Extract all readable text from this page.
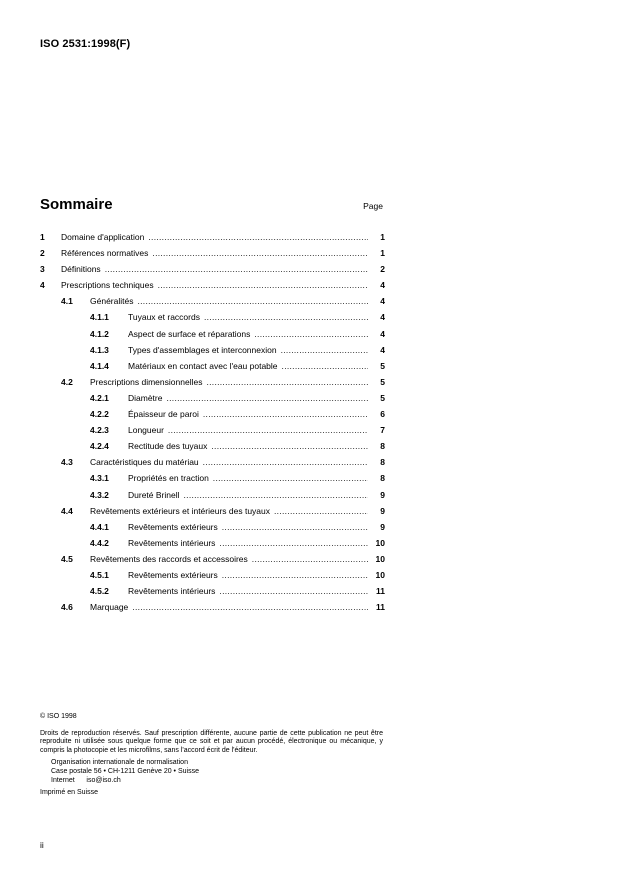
ISO 2531:1998(F)
Sommaire	Page
1	Domaine d'application .....	1
2	Références normatives .....	1
3	Définitions .....	2
4	Prescriptions techniques .....	4
4.1	Généralités .....	4
4.1.1	Tuyaux et raccords .....	4
4.1.2	Aspect de surface et réparations .....	4
4.1.3	Types d'assemblages et interconnexion .....	4
4.1.4	Matériaux en contact avec l'eau potable .....	5
4.2	Prescriptions dimensionnelles .....	5
4.2.1	Diamètre .....	5
4.2.2	Épaisseur de paroi .....	6
4.2.3	Longueur .....	7
4.2.4	Rectitude des tuyaux .....	8
4.3	Caractéristiques du matériau .....	8
4.3.1	Propriétés en traction .....	8
4.3.2	Dureté Brinell .....	9
4.4	Revêtements extérieurs et intérieurs des tuyaux .....	9
4.4.1	Revêtements extérieurs .....	9
4.4.2	Revêtements intérieurs .....	10
4.5	Revêtements des raccords et accessoires .....	10
4.5.1	Revêtements extérieurs .....	10
4.5.2	Revêtements intérieurs .....	11
4.6	Marquage .....	11

© ISO 1998

Droits de reproduction réservés. Sauf prescription différente, aucune partie de cette publication ne peut être reproduite ni utilisée sous quelque forme que ce soit et par aucun procédé, électronique ou mécanique, y compris la photocopie et les microfilms, sans l'accord écrit de l'éditeur.

Organisation internationale de normalisation
Case postale 56 • CH-1211 Genève 20 • Suisse
Internet      iso@iso.ch

Imprimé en Suisse

ii
